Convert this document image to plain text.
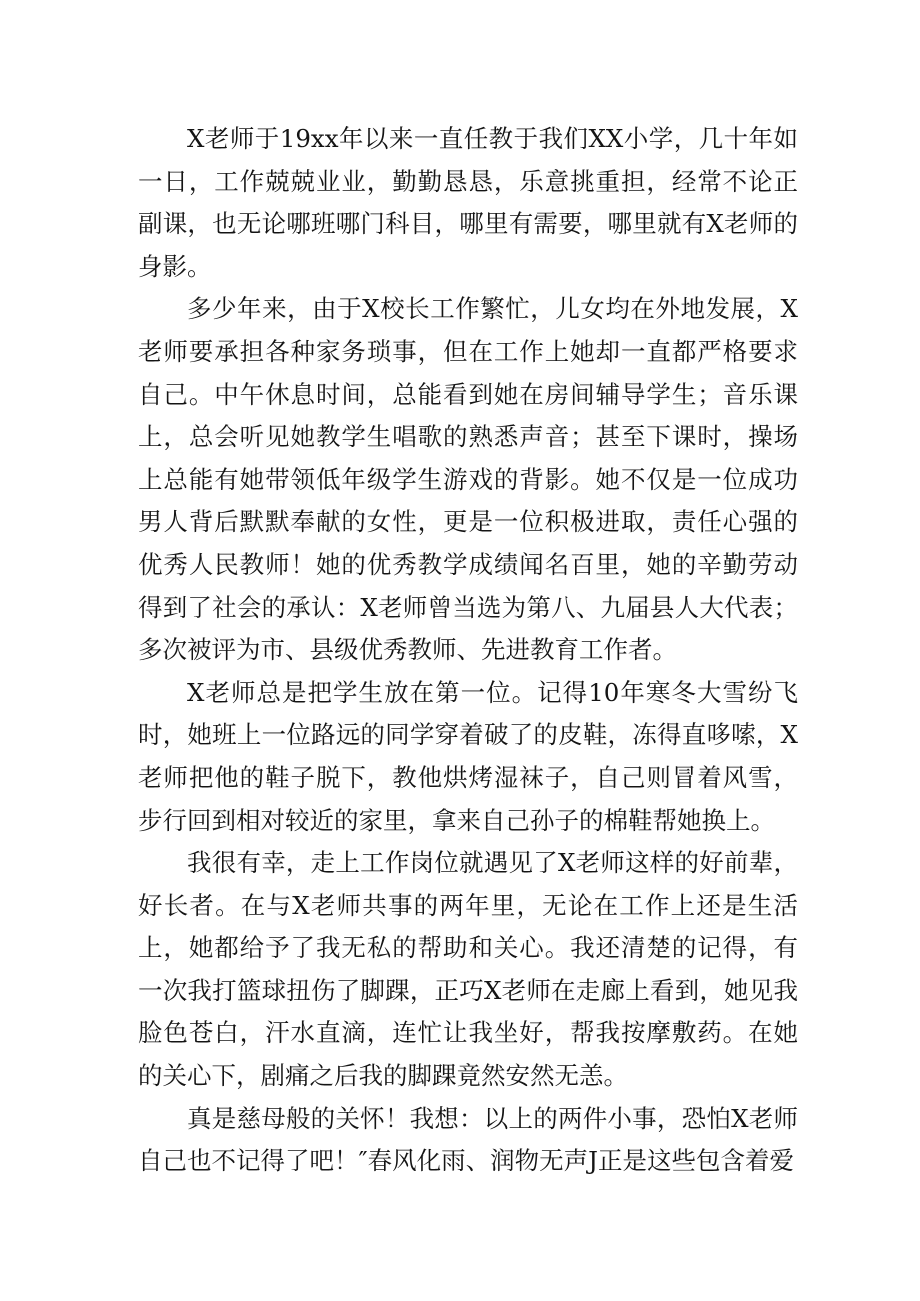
X老师于19xx年以来一直任教于我们XX小学，几十年如一日，工作兢兢业业，勤勤恳恳，乐意挑重担，经常不论正副课，也无论哪班哪门科目，哪里有需要，哪里就有X老师的身影。

多少年来，由于X校长工作繁忙，儿女均在外地发展，X老师要承担各种家务琐事，但在工作上她却一直都严格要求自己。中午休息时间，总能看到她在房间辅导学生；音乐课上，总会听见她教学生唱歌的熟悉声音；甚至下课时，操场上总能有她带领低年级学生游戏的背影。她不仅是一位成功男人背后默默奉献的女性，更是一位积极进取，责任心强的优秀人民教师！她的优秀教学成绩闻名百里，她的辛勤劳动得到了社会的承认：X老师曾当选为第八、九届县人大代表；多次被评为市、县级优秀教师、先进教育工作者。

X老师总是把学生放在第一位。记得10年寒冬大雪纷飞时，她班上一位路远的同学穿着破了的皮鞋，冻得直哆嗦，X老师把他的鞋子脱下，教他烘烤湿袜子，自己则冒着风雪，步行回到相对较近的家里，拿来自己孙子的棉鞋帮她换上。

我很有幸，走上工作岗位就遇见了X老师这样的好前辈，好长者。在与X老师共事的两年里，无论在工作上还是生活上，她都给予了我无私的帮助和关心。我还清楚的记得，有一次我打篮球扭伤了脚踝，正巧X老师在走廊上看到，她见我脸色苍白，汗水直滴，连忙让我坐好，帮我按摩敷药。在她的关心下，剧痛之后我的脚踝竟然安然无恙。

真是慈母般的关怀！我想：以上的两件小事，恐怕X老师自己也不记得了吧！″春风化雨、润物无声J正是这些包含着爱
